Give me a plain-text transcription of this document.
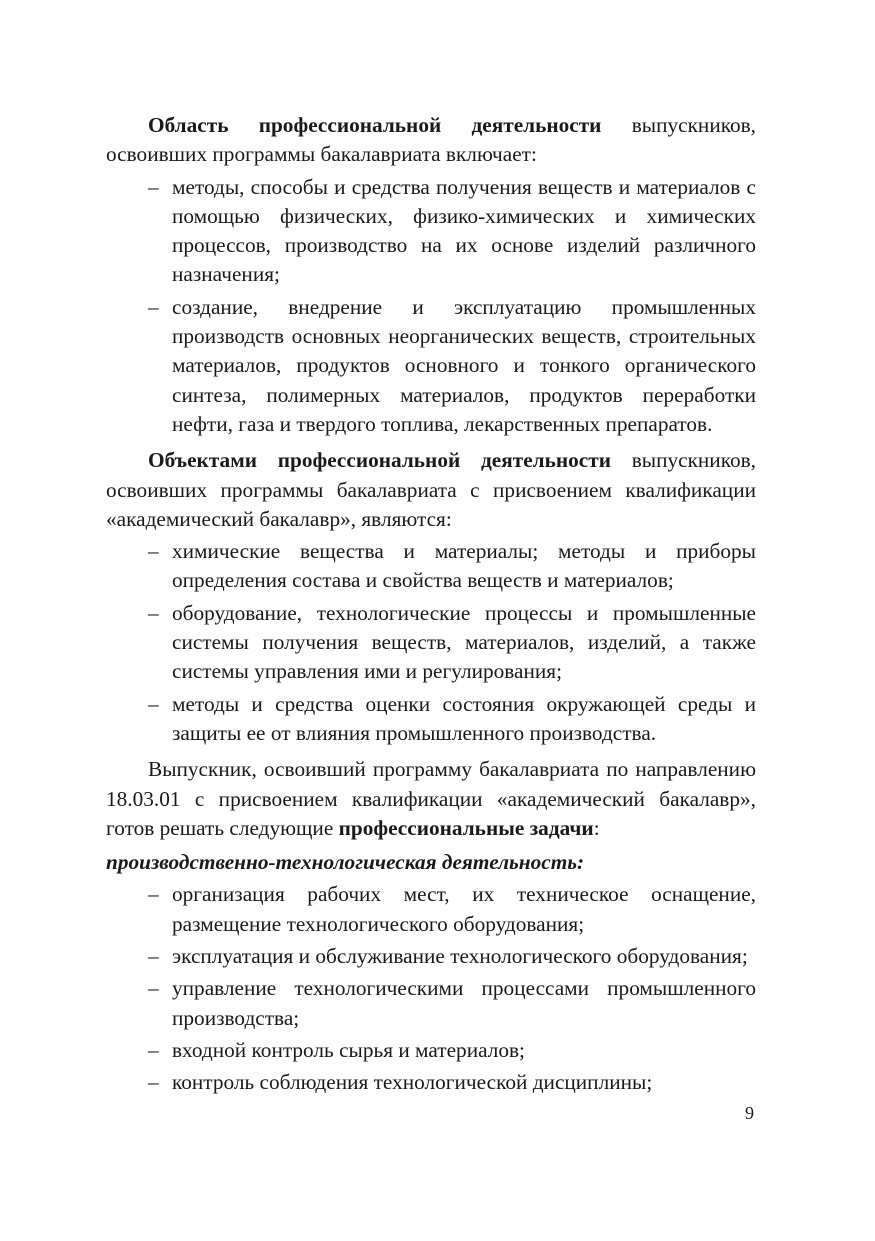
Область профессиональной деятельности выпускников, освоивших программы бакалавриата включает:

– методы, способы и средства получения веществ и материалов с помощью физических, физико-химических и химических процессов, производство на их основе изделий различного назначения;
– создание, внедрение и эксплуатацию промышленных производств основных неорганических веществ, строительных материалов, продуктов основного и тонкого органического синтеза, полимерных материалов, продуктов переработки нефти, газа и твердого топлива, лекарственных препаратов.

Объектами профессиональной деятельности выпускников, освоивших программы бакалавриата с присвоением квалификации «академический бакалавр», являются:

– химические вещества и материалы; методы и приборы определения состава и свойства веществ и материалов;
– оборудование, технологические процессы и промышленные системы получения веществ, материалов, изделий, а также системы управления ими и регулирования;
– методы и средства оценки состояния окружающей среды и защиты ее от влияния промышленного производства.

Выпускник, освоивший программу бакалавриата по направлению 18.03.01 с присвоением квалификации «академический бакалавр», готов решать следующие профессиональные задачи:

производственно-технологическая деятельность:

– организация рабочих мест, их техническое оснащение, размещение технологического оборудования;
– эксплуатация и обслуживание технологического оборудования;
– управление технологическими процессами промышленного производства;
– входной контроль сырья и материалов;
– контроль соблюдения технологической дисциплины;
9
